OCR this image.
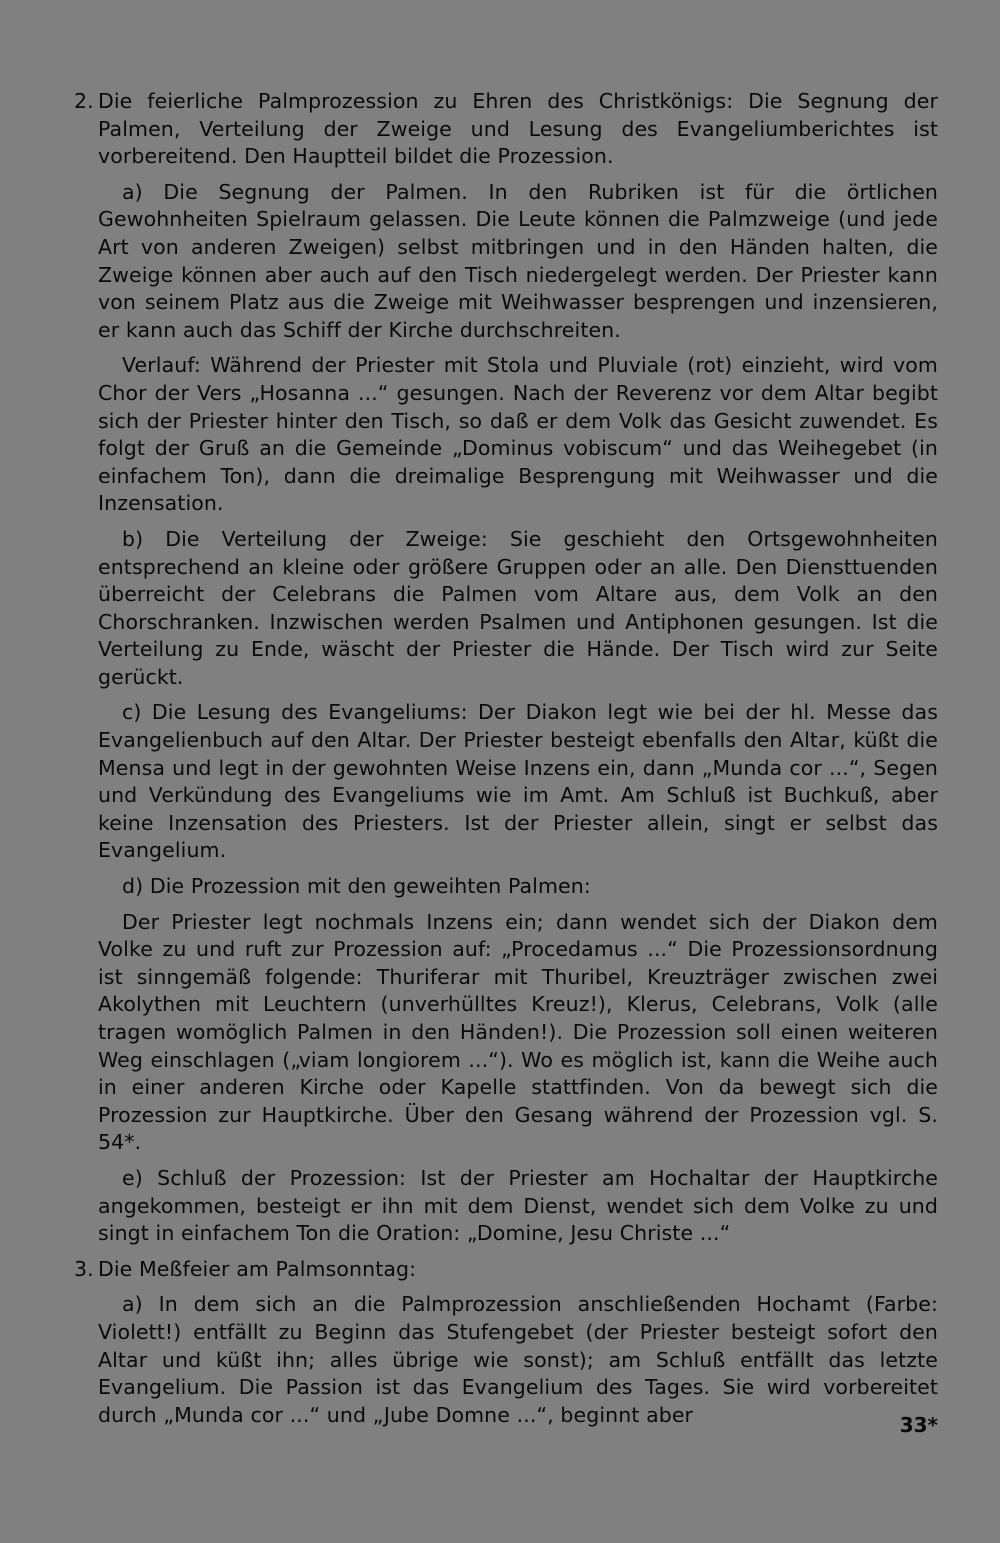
2. Die feierliche Palmprozession zu Ehren des Christkönigs: Die Segnung der Palmen, Verteilung der Zweige und Lesung des Evangeliumberichtes ist vorbereitend. Den Hauptteil bildet die Prozession.

a) Die Segnung der Palmen. In den Rubriken ist für die örtlichen Gewohnheiten Spielraum gelassen. Die Leute können die Palmzweige (und jede Art von anderen Zweigen) selbst mitbringen und in den Händen halten, die Zweige können aber auch auf den Tisch niedergelegt werden. Der Priester kann von seinem Platz aus die Zweige mit Weihwasser besprengen und inzensieren, er kann auch das Schiff der Kirche durchschreiten.

Verlauf: Während der Priester mit Stola und Pluviale (rot) einzieht, wird vom Chor der Vers „Hosanna ...“ gesungen. Nach der Reverenz vor dem Altar begibt sich der Priester hinter den Tisch, so daß er dem Volk das Gesicht zuwendet. Es folgt der Gruß an die Gemeinde „Dominus vobiscum“ und das Weihegebet (in einfachem Ton), dann die dreimalige Besprengung mit Weihwasser und die Inzensation.

b) Die Verteilung der Zweige: Sie geschieht den Ortsgewohnheiten entsprechend an kleine oder größere Gruppen oder an alle. Den Diensttuenden überreicht der Celebrans die Palmen vom Altare aus, dem Volk an den Chorschranken. Inzwischen werden Psalmen und Antiphonen gesungen. Ist die Verteilung zu Ende, wäscht der Priester die Hände. Der Tisch wird zur Seite gerückt.

c) Die Lesung des Evangeliums: Der Diakon legt wie bei der hl. Messe das Evangelienbuch auf den Altar. Der Priester besteigt ebenfalls den Altar, küßt die Mensa und legt in der gewohnten Weise Inzens ein, dann „Munda cor ...“, Segen und Verkündung des Evangeliums wie im Amt. Am Schluß ist Buchkuß, aber keine Inzensation des Priesters. Ist der Priester allein, singt er selbst das Evangelium.

d) Die Prozession mit den geweihten Palmen:

Der Priester legt nochmals Inzens ein; dann wendet sich der Diakon dem Volke zu und ruft zur Prozession auf: „Procedamus ...“ Die Prozessionsordnung ist sinngemäß folgende: Thuriferar mit Thuribel, Kreuzträger zwischen zwei Akolythen mit Leuchtern (unverhülltes Kreuz!), Klerus, Celebrans, Volk (alle tragen womöglich Palmen in den Händen!). Die Prozession soll einen weiteren Weg einschlagen („viam longiorem ...“). Wo es möglich ist, kann die Weihe auch in einer anderen Kirche oder Kapelle stattfinden. Von da bewegt sich die Prozession zur Hauptkirche. Über den Gesang während der Prozession vgl. S. 54*.

e) Schluß der Prozession: Ist der Priester am Hochaltar der Hauptkirche angekommen, besteigt er ihn mit dem Dienst, wendet sich dem Volke zu und singt in einfachem Ton die Oration: „Domine, Jesu Christe ...“

3. Die Meßfeier am Palmsonntag:

a) In dem sich an die Palmprozession anschließenden Hochamt (Farbe: Violett!) entfällt zu Beginn das Stufengebet (der Priester besteigt sofort den Altar und küßt ihn; alles übrige wie sonst); am Schluß entfällt das letzte Evangelium. Die Passion ist das Evangelium des Tages. Sie wird vorbereitet durch „Munda cor ...“ und „Jube Domne ...“, beginnt aber	33*
